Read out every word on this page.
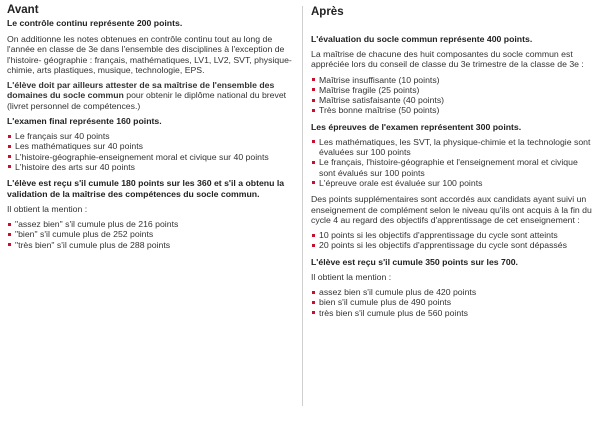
Avant
Le contrôle continu représente 200 points.

On additionne les notes obtenues en contrôle continu tout au long de l'année en classe de 3e dans l'ensemble des disciplines à l'exception de l'histoire- géographie : français, mathématiques, LV1, LV2, SVT, physique-chimie, arts plastiques, musique, technologie, EPS.

L'élève doit par ailleurs attester de sa maîtrise de l'ensemble des domaines du socle commun pour obtenir le diplôme national du brevet (livret personnel de compétences.)

L'examen final représente 160 points.

Le français sur 40 points
Les mathématiques sur 40 points
L'histoire-géographie-enseignement moral et civique sur 40 points
L'histoire des arts sur 40 points

L'élève est reçu s'il cumule 180 points sur les 360 et s'il a obtenu la validation de la maîtrise des compétences du socle commun.

Il obtient la mention :

"assez bien" s'il cumule plus de 216 points
"bien" s'il cumule plus de 252 points
"très bien" s'il cumule plus de 288 points
Après

L'évaluation du socle commun représente 400 points.

La maîtrise de chacune des huit composantes du socle commun est appréciée lors du conseil de classe du 3e trimestre de la classe de 3e :

Maîtrise insuffisante (10 points)
Maîtrise fragile (25 points)
Maîtrise satisfaisante (40 points)
Très bonne maîtrise (50 points)

Les épreuves de l'examen représentent 300 points.

Les mathématiques, les SVT, la physique-chimie et la technologie sont évaluées sur 100 points
Le français, l'histoire-géographie et l'enseignement moral et civique sont évalués sur 100 points
L'épreuve orale est évaluée sur 100 points

Des points supplémentaires sont accordés aux candidats ayant suivi un enseignement de complément selon le niveau qu'ils ont acquis à la fin du cycle 4 au regard des objectifs d'apprentissage de cet enseignement :

10 points si les objectifs d'apprentissage du cycle sont atteints
20 points si les objectifs d'apprentissage du cycle sont dépassés

L'élève est reçu s'il cumule 350 points sur les 700.

Il obtient la mention :

assez bien s'il cumule plus de 420 points
bien s'il cumule plus de 490 points
très bien s'il cumule plus de 560 points
